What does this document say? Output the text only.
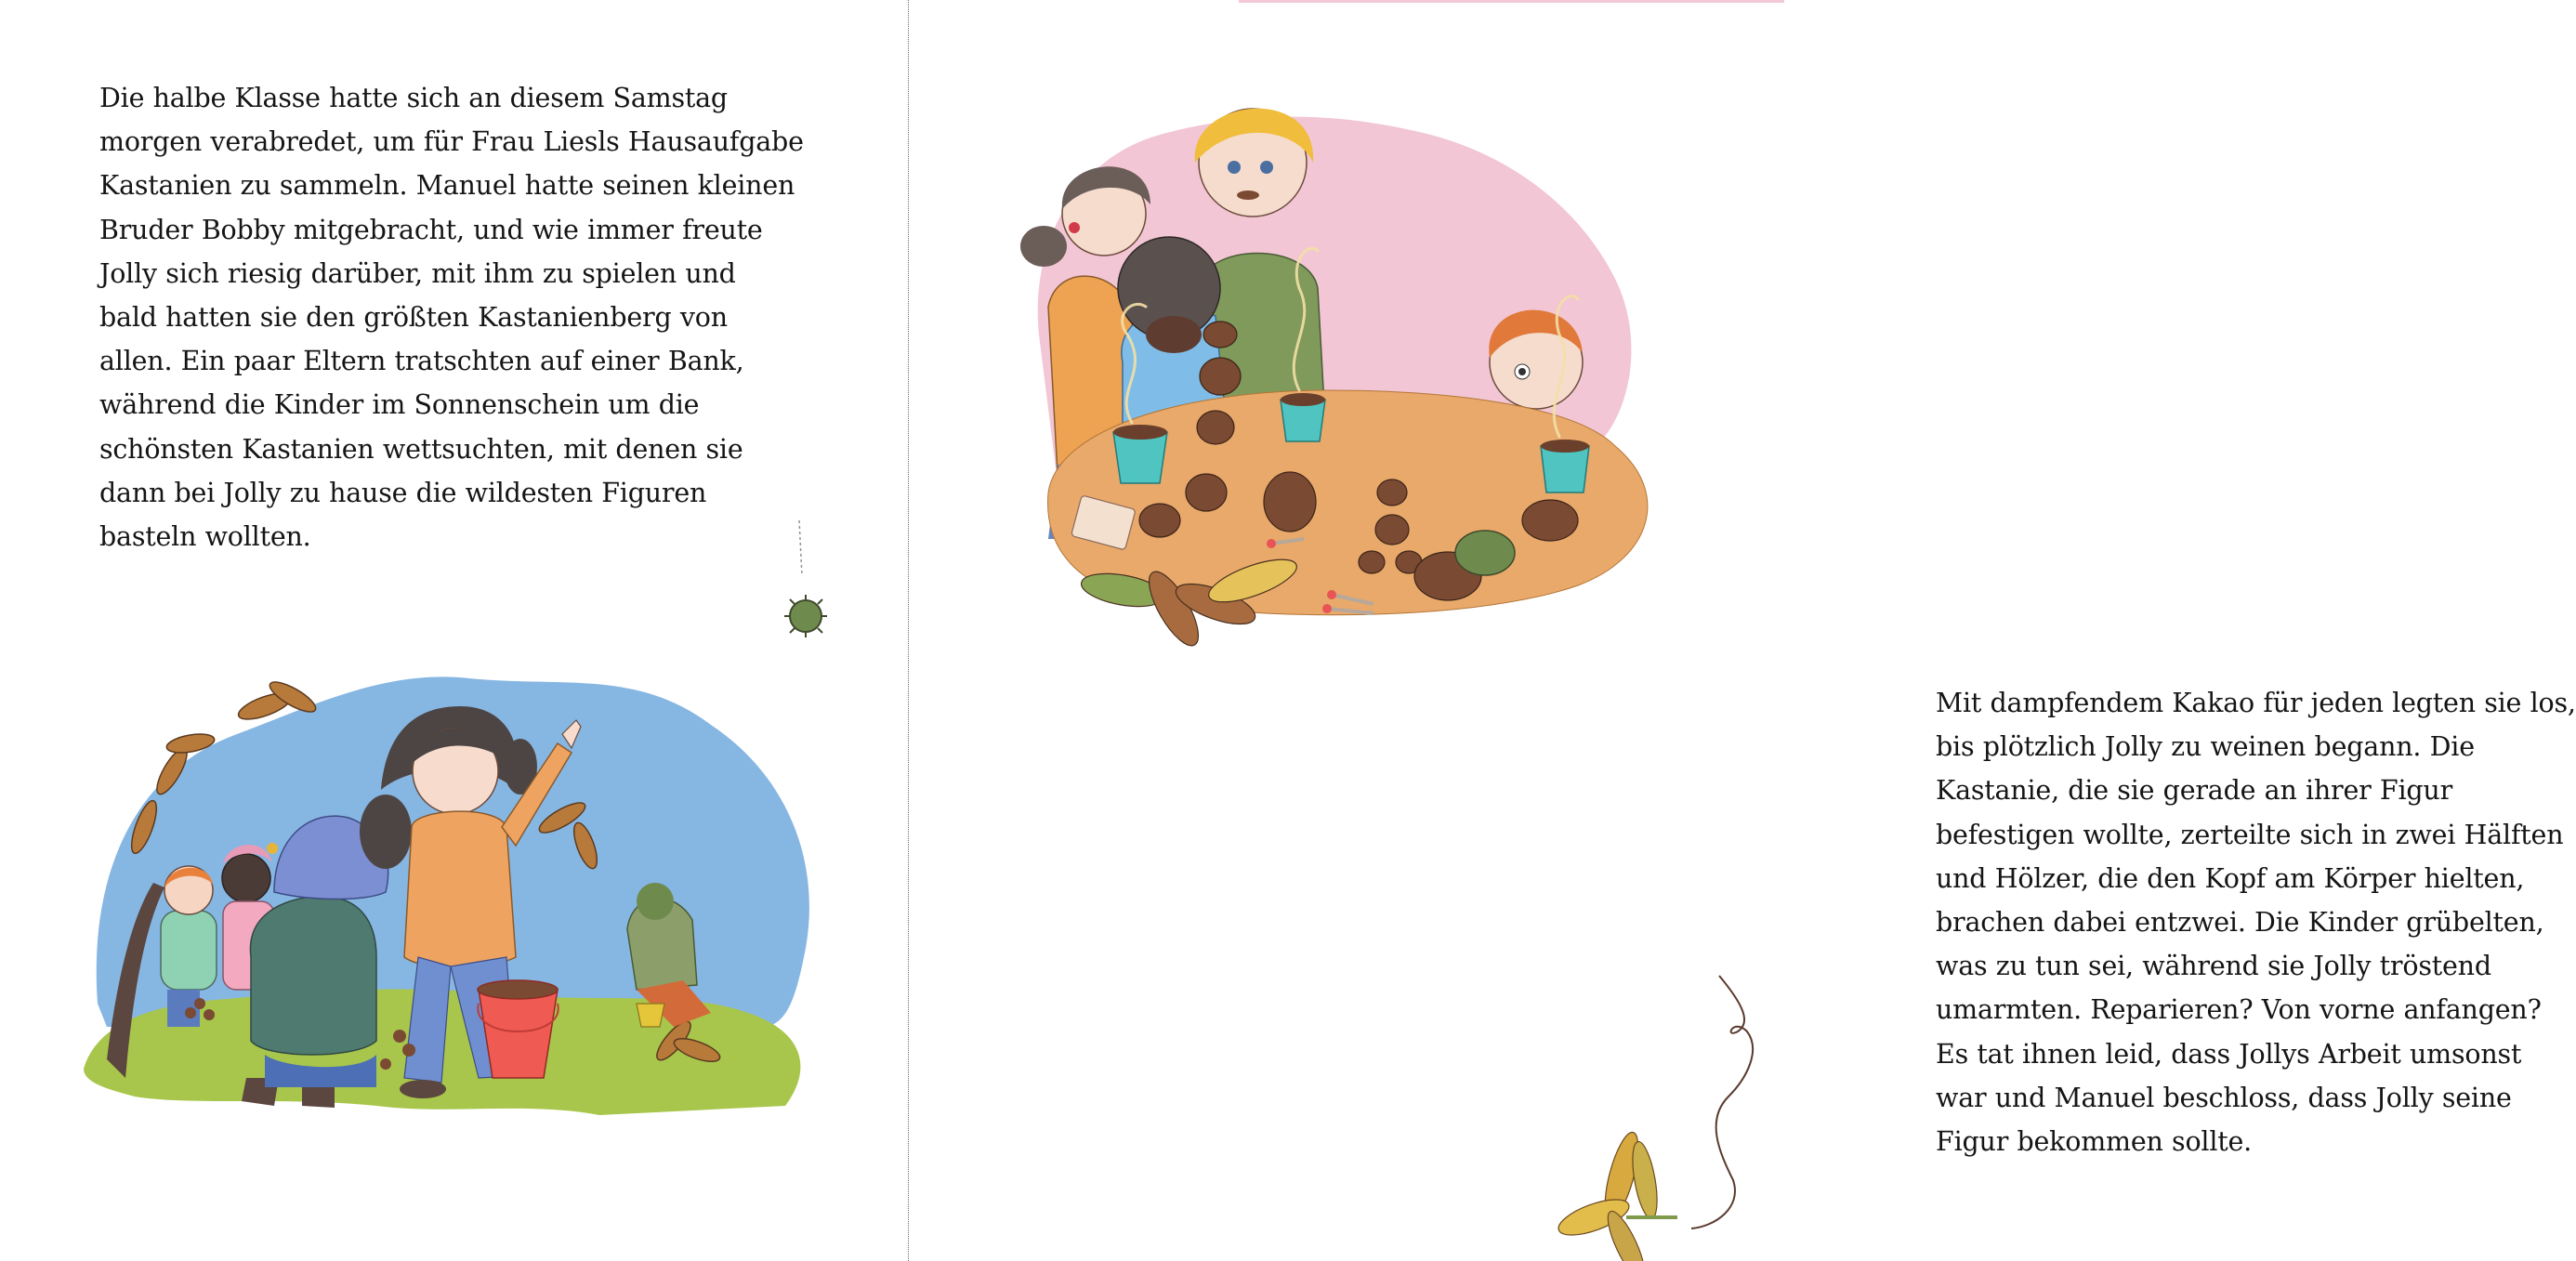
Die halbe Klasse hatte sich an diesem Samstag
morgen verabredet, um für Frau Liesls Hausaufgabe
Kastanien zu sammeln. Manuel hatte seinen kleinen
Bruder Bobby mitgebracht, und wie immer freute
Jolly sich riesig darüber, mit ihm zu spielen und
bald hatten sie den größten Kastanienberg von
allen. Ein paar Eltern tratschten auf einer Bank,
während die Kinder im Sonnenschein um die
schönsten Kastanien wettsuchten, mit denen sie
dann bei Jolly zu hause die wildesten Figuren
basteln wollten.
Mit dampfendem Kakao für jeden legten sie los,
bis plötzlich Jolly zu weinen begann. Die
Kastanie, die sie gerade an ihrer Figur
befestigen wollte, zerteilte sich in zwei Hälften
und Hölzer, die den Kopf am Körper hielten,
brachen dabei entzwei. Die Kinder grübelten,
was zu tun sei, während sie Jolly tröstend
umarmten. Reparieren? Von vorne anfangen?
Es tat ihnen leid, dass Jollys Arbeit umsonst
war und Manuel beschloss, dass Jolly seine
Figur bekommen sollte.
